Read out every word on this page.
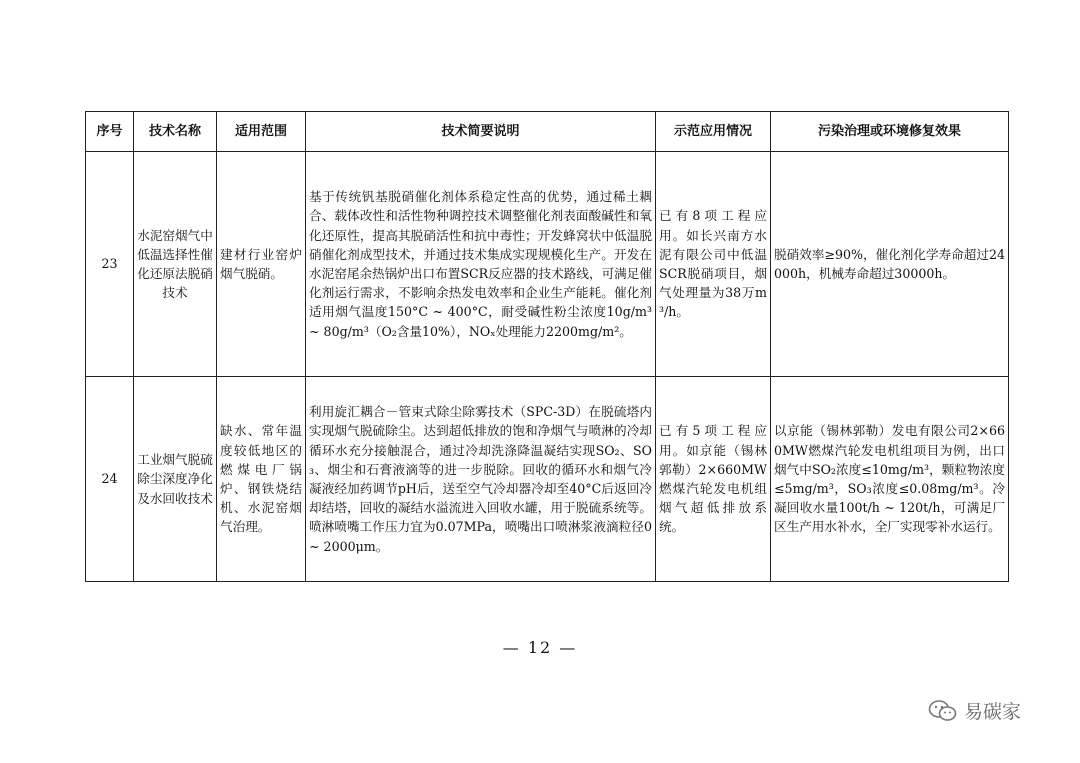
序号	技术名称	适用范围	技术简要说明	示范应用情况	污染治理或环境修复效果
23	水泥窑烟气中低温选择性催化还原法脱硝技术	建材行业窑炉烟气脱硝。	基于传统钒基脱硝催化剂体系稳定性高的优势，通过稀土耦合、载体改性和活性物种调控技术调整催化剂表面酸碱性和氧化还原性，提高其脱硝活性和抗中毒性；开发蜂窝状中低温脱硝催化剂成型技术，并通过技术集成实现规模化生产。开发在水泥窑尾余热锅炉出口布置SCR反应器的技术路线，可满足催化剂运行需求，不影响余热发电效率和企业生产能耗。催化剂适用烟气温度150°C ~ 400°C，耐受碱性粉尘浓度10g/m³ ~ 80g/m³（O₂含量10%），NOₓ处理能力2200mg/m²。	已有8项工程应用。如长兴南方水泥有限公司中低温SCR脱硝项目，烟气处理量为38万m³/h。	脱硝效率≥90%，催化剂化学寿命超过24000h，机械寿命超过30000h。
24	工业烟气脱硫除尘深度净化及水回收技术	缺水、常年温度较低地区的燃煤电厂锅炉、钢铁烧结机、水泥窑烟气治理。	利用旋汇耦合－管束式除尘除雾技术（SPC-3D）在脱硫塔内实现烟气脱硫除尘。达到超低排放的饱和净烟气与喷淋的冷却循环水充分接触混合，通过冷却洗涤降温凝结实现SO₂、SO₃、烟尘和石膏液滴等的进一步脱除。回收的循环水和烟气冷凝液经加药调节pH后，送至空气冷却器冷却至40°C后返回冷却结塔，回收的凝结水溢流进入回收水罐，用于脱硫系统等。喷淋喷嘴工作压力宜为0.07MPa，喷嘴出口喷淋浆液滴粒径0 ~ 2000μm。	已有5项工程应用。如京能（锡林郭勒）2×660MW燃煤汽轮发电机组烟气超低排放系统。	以京能（锡林郭勒）发电有限公司2×660MW燃煤汽轮发电机组项目为例，出口烟气中SO₂浓度≤10mg/m³，颗粒物浓度≤5mg/m³，SO₃浓度≤0.08mg/m³。冷凝回收水量100t/h ~ 120t/h，可满足厂区生产用水补水，全厂实现零补水运行。
— 12 —
易碳家
